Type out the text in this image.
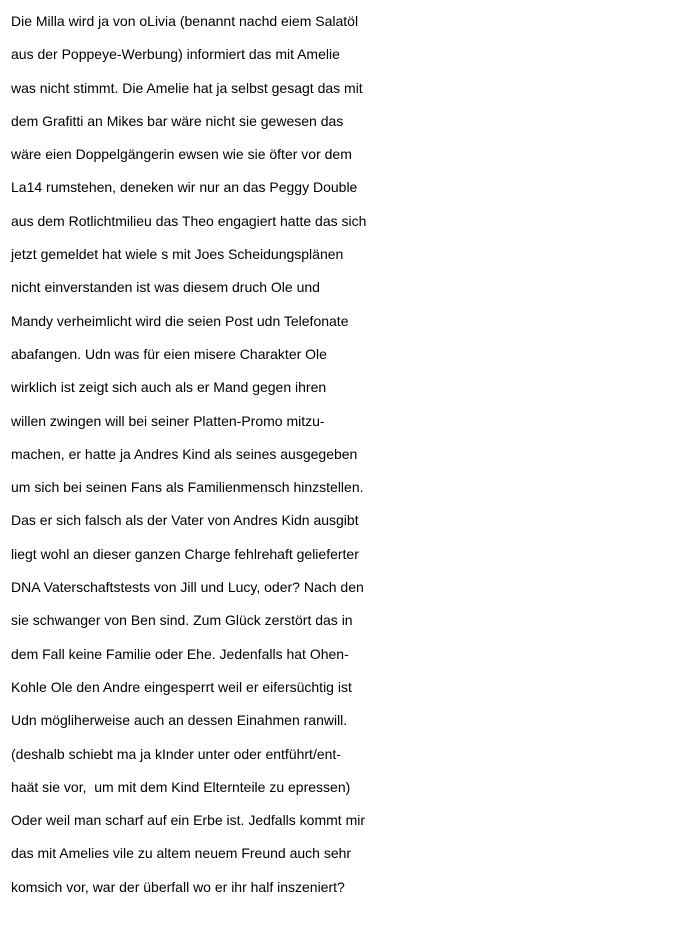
Die Milla wird ja von oLivia (benannt nachd eiem Salatöl
aus der Poppeye-Werbung) informiert das mit Amelie
was nicht stimmt. Die Amelie hat ja selbst gesagt das mit
dem Grafitti an Mikes bar wäre nicht sie gewesen das
wäre eien Doppelgängerin ewsen wie sie öfter vor dem
La14 rumstehen, deneken wir nur an das Peggy Double
aus dem Rotlichtmilieu das Theo engagiert hatte das sich
jetzt gemeldet hat wiele s mit Joes Scheidungsplänen
nicht einverstanden ist was diesem druch Ole und
Mandy verheimlicht wird die seien Post udn Telefonate
abafangen. Udn was für eien misere Charakter Ole
wirklich ist zeigt sich auch als er Mand gegen ihren
willen zwingen will bei seiner Platten-Promo mitzu-
machen, er hatte ja Andres Kind als seines ausgegeben
um sich bei seinen Fans als Familienmensch hinzstellen.
Das er sich falsch als der Vater von Andres Kidn ausgibt
liegt wohl an dieser ganzen Charge fehlrehaft gelieferter
DNA Vaterschaftstests von Jill und Lucy, oder? Nach den
sie schwanger von Ben sind. Zum Glück zerstört das in
dem Fall keine Familie oder Ehe. Jedenfalls hat Ohen-
Kohle Ole den Andre eingesperrt weil er eifersüchtig ist
Udn mögliherweise auch an dessen Einahmen ranwill.
(deshalb schiebt ma ja kInder unter oder entführt/ent-
haät sie vor,  um mit dem Kind Elternteile zu epressen)
Oder weil man scharf auf ein Erbe ist. Jedfalls kommt mir
das mit Amelies vile zu altem neuem Freund auch sehr
komsich vor, war der überfall wo er ihr half inszeniert?
